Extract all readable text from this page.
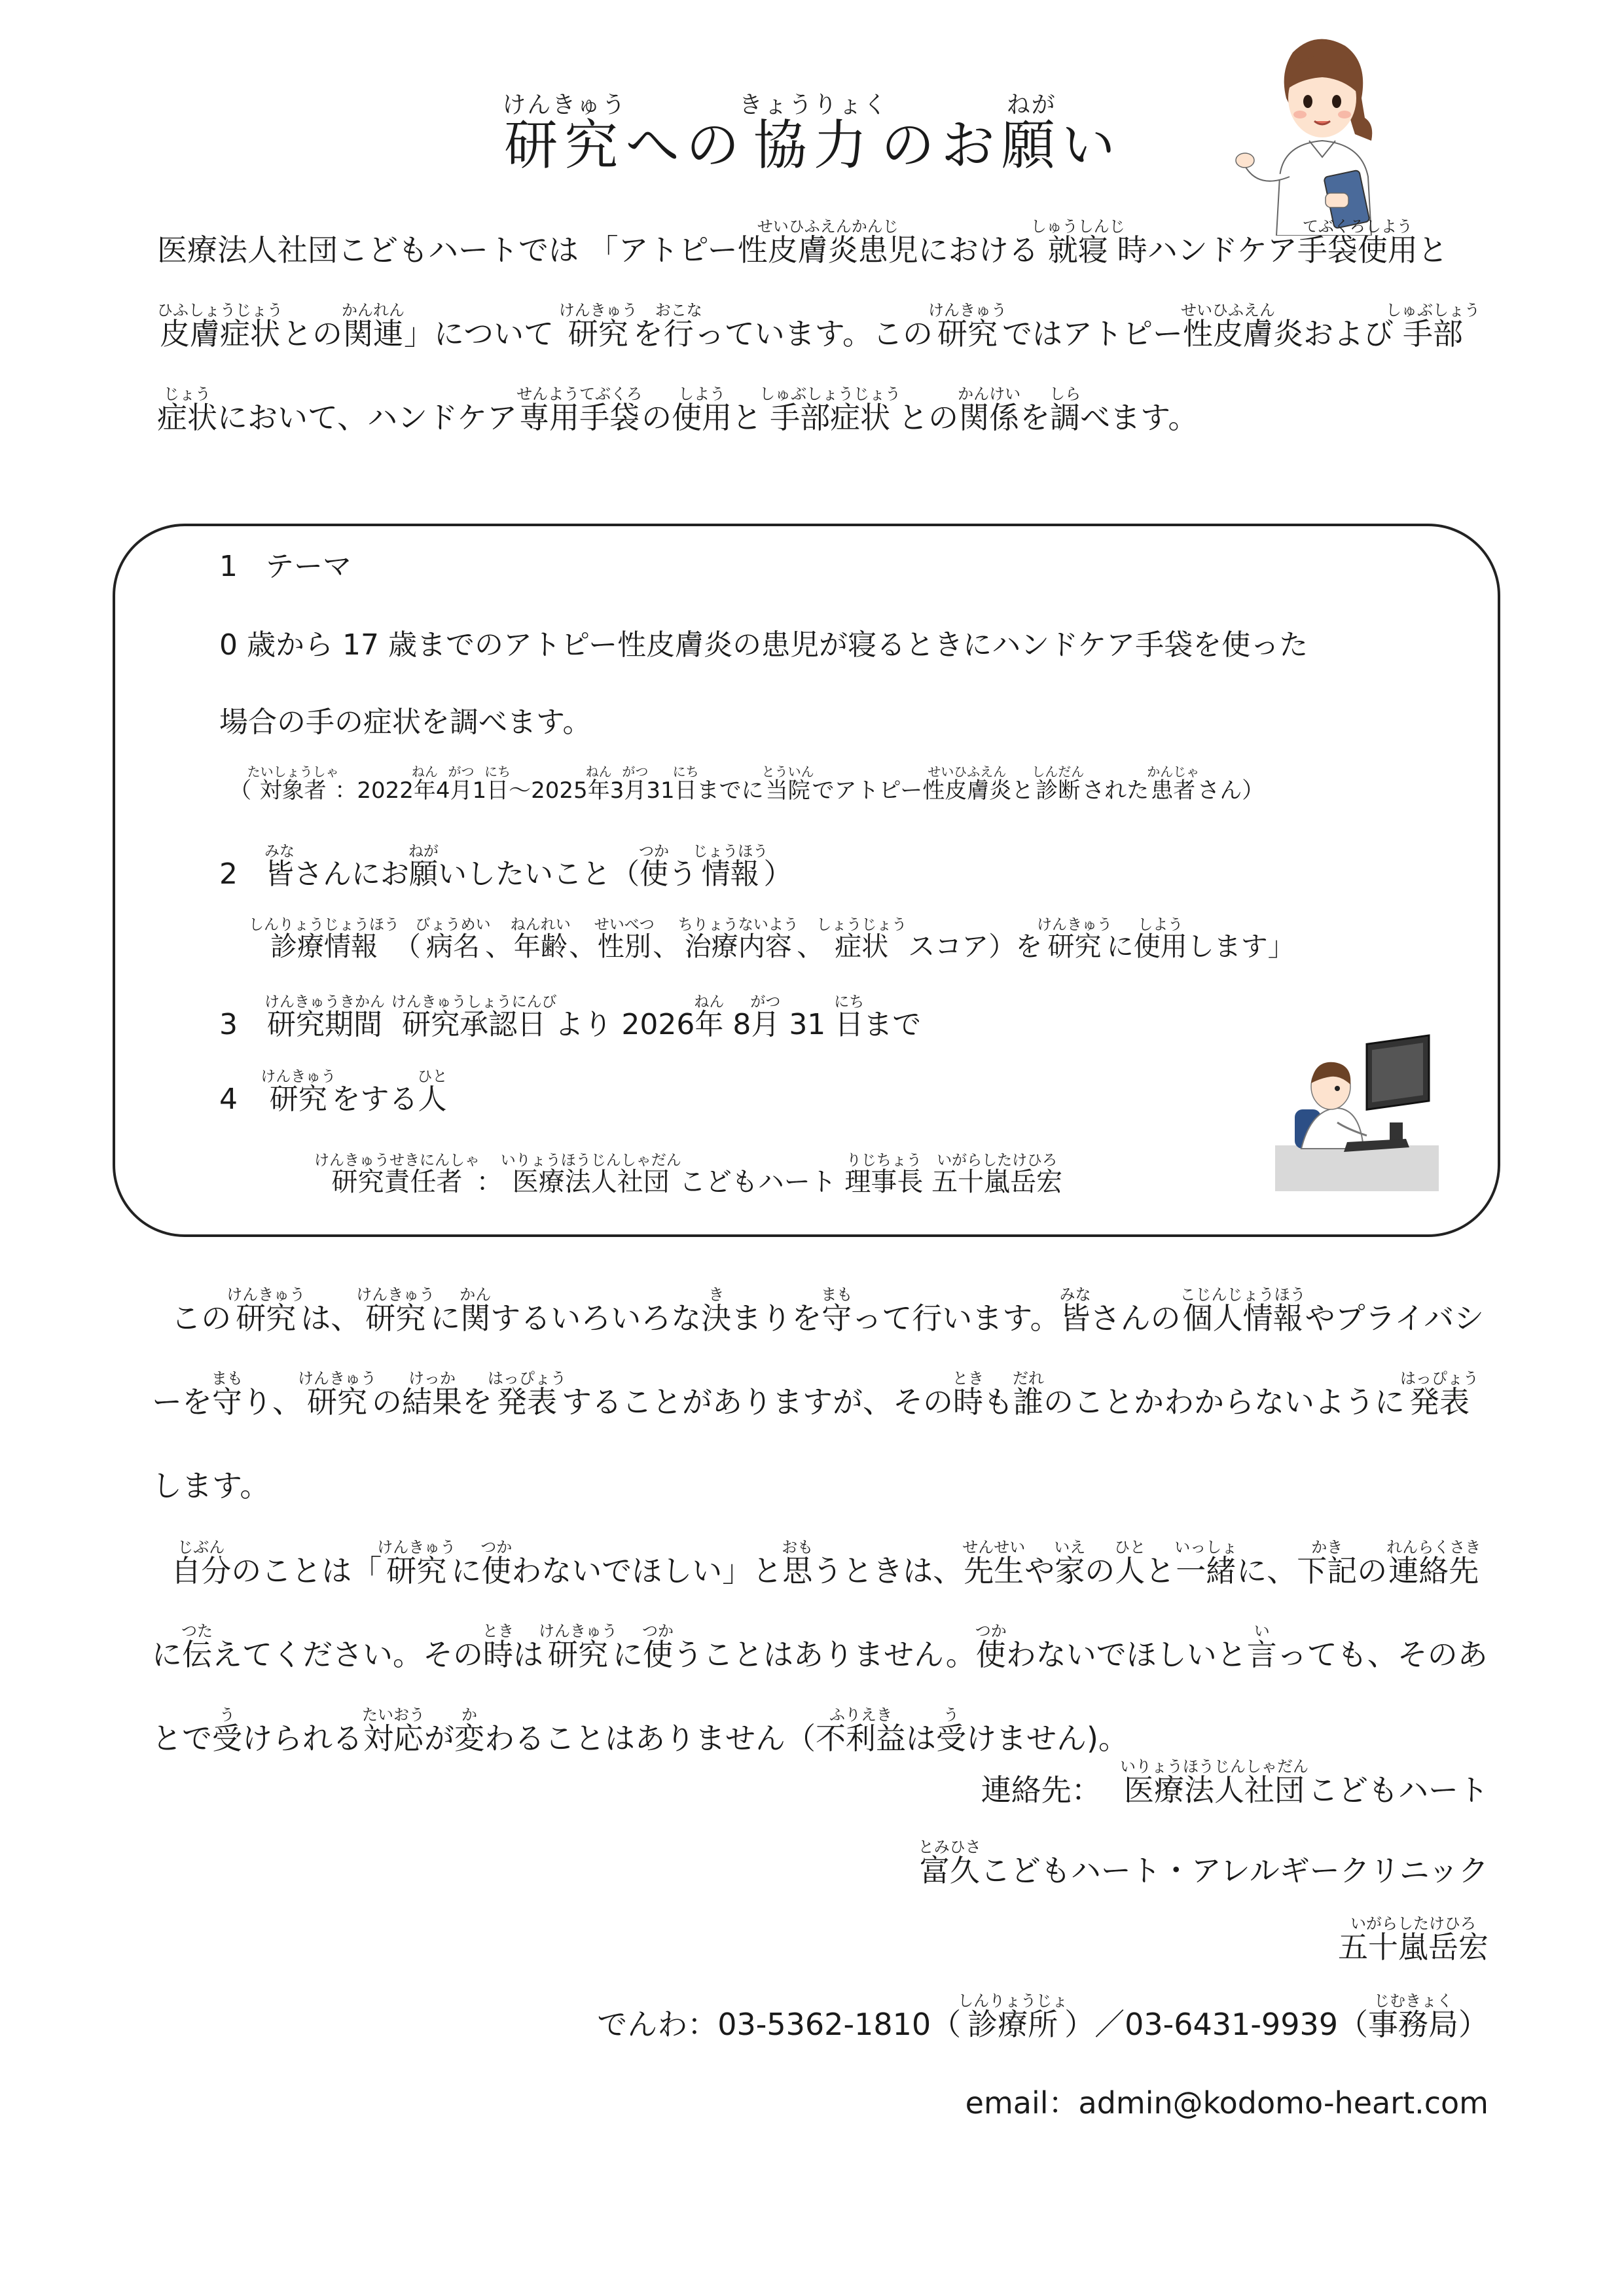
研究けんきゅうへの協力きょうりょくのお願ねがい
医療法人社団こどもハートでは 「アトピー性皮膚炎患児せいひふえんかんじにおける就寝しゅうしんじ時ハンドケア手袋使用てぶくろしようと皮膚症状ひふしょうじょうとの関連かんれん」について 研究けんきゅうを行おこなっています。この研究けんきゅうではアトピー性皮膚炎せいひふえんおよび手部症状しゅぶしょうじょうにおいて、ハンドケア専用手袋せんようてぶくろの使用しようと手部症状しゅぶしょうじょうとの関係かんけいを調しらべます。
1 テーマ
0 歳から 17 歳までのアトピー性皮膚炎の患児が寝るときにハンドケア手袋を使った
場合の手の症状を調べます。
（対象者たいしょうしゃ：2022年ねん4月がつ1日にち～2025年ねん3月がつ31日にちまでに当院とういんでアトピー性皮膚炎せいひふえんと診断しんだんされた患者かんじゃさん）
2 皆みなさんにお願ねがいしたいこと（使つかう情報じょうほう）
診療情報しんりょうじょうほう（病名びょうめい、年齢ねんれい、性別せいべつ、治療内容ちりょうないよう、症状しょうじょう スコア）を研究けんきゅうに使用しようします」
3 研究期間けんきゅうきかん 研究承認日けんきゅうしょうにんびより 2026年ねん 8月がつ 31 日にちまで
4 研究けんきゅうをする人ひと
研究責任者けんきゅうせきにんしゃ：医療法人社団いりょうほうじんしゃだんこどもハート 理事長りじちょう 五十嵐岳宏いがらしたけひろ
この研究けんきゅうは、研究けんきゅうに関かんするいろいろな決きまりを守まもって行います。皆みなさんの個人情報こじんじょうほうやプライバシーを守まもり、研究けんきゅうの結果けっかを発表はっぴょうすることがありますが、その時ときも誰だれのことかわからないように発表はっぴょうします。
自分じぶんのことは「研究けんきゅうに使つかわないでほしい」と思おもうときは、先生せんせいや家いえの人ひとと一緒いっしょに、下記かきの連絡先れんらくさきに伝つたえてください。その時ときは研究けんきゅうに使つかうことはありません。使つかわないでほしいと言いっても、そのあとで受うけられる対応たいおうが変かわることはありません（不利益ふりえきは受うけません)。
連絡先： 医療法人社団いりょうほうじんしゃだんこどもハート
富久とみひさこどもハート・アレルギークリニック
五十嵐岳宏いがらしたけひろ
でんわ：03-5362-1810（診療所しんりょうじょ）／03-6431-9939（事務局じむきょく）
email：admin@kodomo-heart.com
